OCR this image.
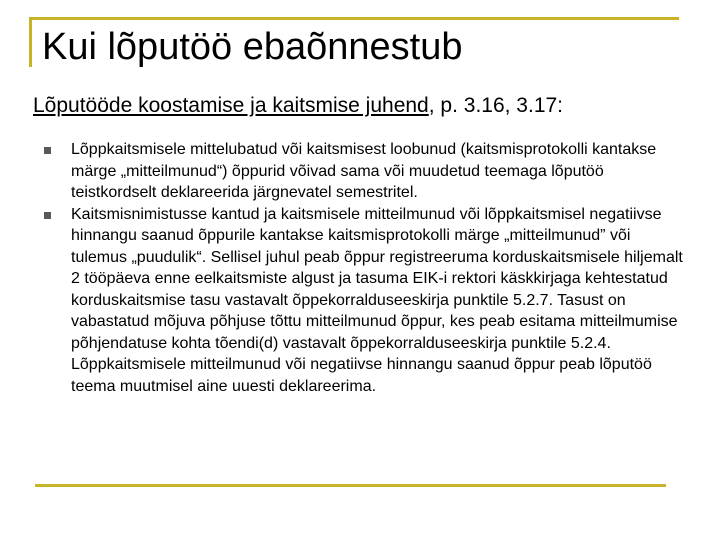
Kui lõputöö ebaõnnestub
Lõputööde koostamise ja kaitsmise juhend, p. 3.16, 3.17:
Lõppkaitsmisele mittelubatud või kaitsmisest loobunud (kaitsmisprotokolli kantakse märge „mitteilmunud“) õppurid võivad sama või muudetud teemaga lõputöö teistkordselt deklareerida järgnevatel semestritel.
Kaitsmisnimistusse kantud ja kaitsmisele mitteilmunud või lõppkaitsmisel negatiivse hinnangu saanud õppurile kantakse kaitsmisprotokolli märge „mitteilmunud” või tulemus „puudulik“. Sellisel juhul peab õppur registreeruma korduskaitsmisele hiljemalt 2 tööpäeva enne eelkaitsmiste algust ja tasuma EIK‑i rektori käskkirjaga kehtestatud korduskaitsmise tasu vastavalt õppekorralduseeskirja punktile 5.2.7. Tasust on vabastatud mõjuva põhjuse tõttu mitteilmunud õppur, kes peab esitama mitteilmumise põhjendatuse kohta tõendi(d) vastavalt õppekorralduseeskirja punktile 5.2.4. Lõppkaitsmisele mitteilmunud või negatiivse hinnangu saanud õppur peab lõputöö teema muutmisel aine uuesti deklareerima.
